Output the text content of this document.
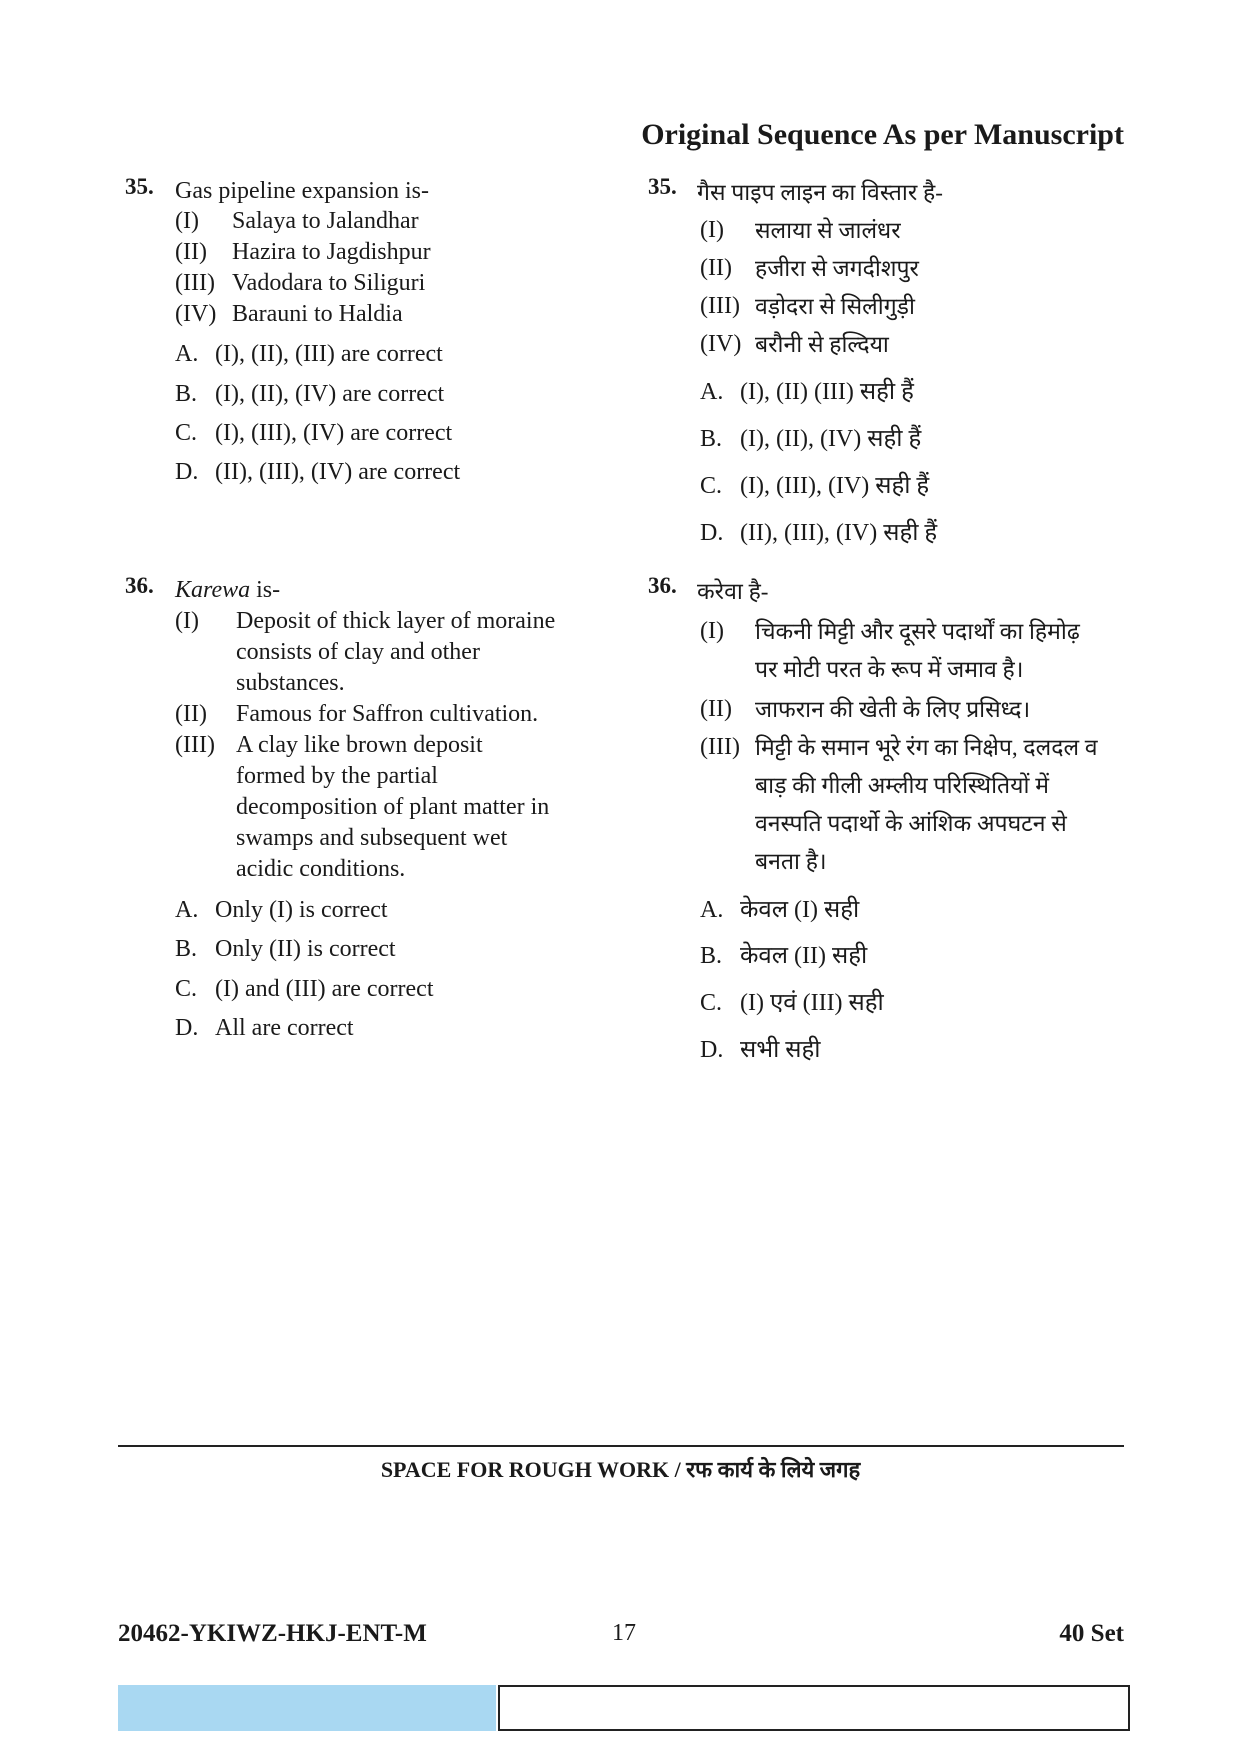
Original Sequence As per Manuscript
35. Gas pipeline expansion is-
(I) Salaya to Jalandhar
(II) Hazira to Jagdishpur
(III) Vadodara to Siliguri
(IV) Barauni to Haldia
A. (I), (II), (III) are correct
B. (I), (II), (IV) are correct
C. (I), (III), (IV) are correct
D. (II), (III), (IV) are correct
35. गैस पाइप लाइन का विस्तार है-
(I) सलाया से जालंधर
(II) हजीरा से जगदीशपुर
(III) वड़ोदरा से सिलीगुड़ी
(IV) बरौनी से हल्दिया
A. (I), (II) (III) सही हैं
B. (I), (II), (IV) सही हैं
C. (I), (III), (IV) सही हैं
D. (II), (III), (IV) सही हैं
36. Karewa is-
(I) Deposit of thick layer of moraine
consists of clay and other
substances.
(II) Famous for Saffron cultivation.
(III) A clay like brown deposit
formed by the partial
decomposition of plant matter in
swamps and subsequent wet
acidic conditions.
A. Only (I) is correct
B. Only (II) is correct
C. (I) and (III) are correct
D. All are correct
36. करेवा है-
(I) चिकनी मिट्टी और दूसरे पदार्थों का हिमोढ़
पर मोटी परत के रूप में जमाव है।
(II) जाफरान की खेती के लिए प्रसिध्द।
(III) मिट्टी के समान भूरे रंग का निक्षेप, दलदल व
बाड़ की गीली अम्लीय परिस्थितियों में
वनस्पति पदार्थो के आंशिक अपघटन से
बनता है।
A. केवल (I) सही
B. केवल (II) सही
C. (I) एवं (III) सही
D. सभी सही
SPACE FOR ROUGH WORK / रफ कार्य के लिये जगह
20462-YKIWZ-HKJ-ENT-M	17	40 Set
